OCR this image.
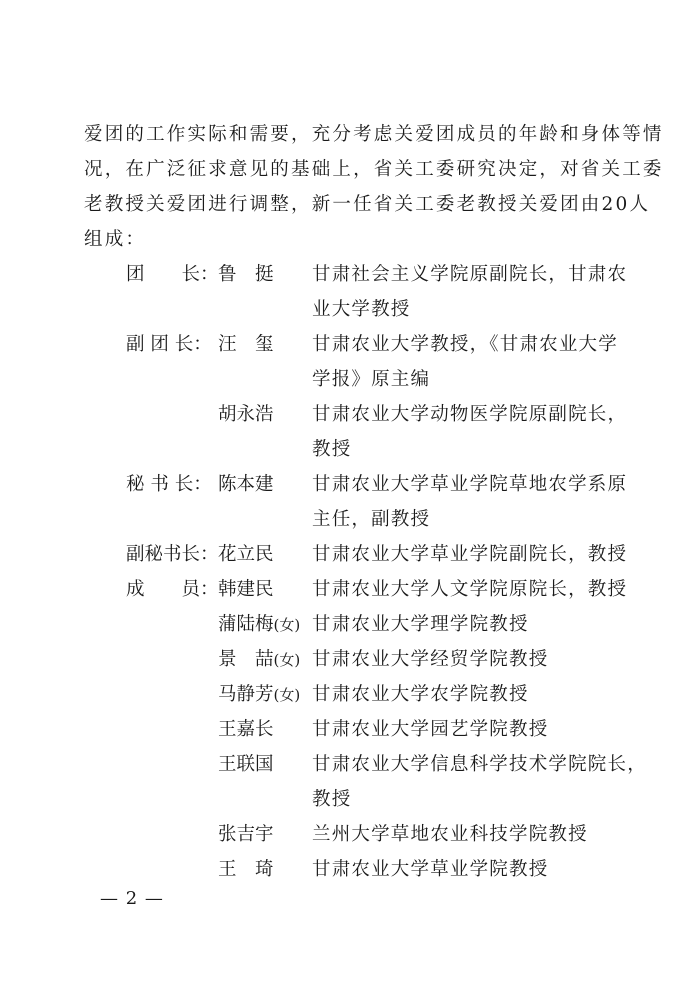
爱团的工作实际和需要，充分考虑关爱团成员的年龄和身体等情
况，在广泛征求意见的基础上，省关工委研究决定，对省关工委
老教授关爱团进行调整，新一任省关工委老教授关爱团由20人
组成：
团　　长： 鲁　挺 甘肃社会主义学院原副院长，甘肃农
业大学教授
副 团 长： 汪　玺 甘肃农业大学教授，《甘肃农业大学
学报》原主编
胡永浩 甘肃农业大学动物医学院原副院长，
教授
秘 书 长： 陈本建 甘肃农业大学草业学院草地农学系原
主任，副教授
副秘书长： 花立民 甘肃农业大学草业学院副院长，教授
成　　员： 韩建民 甘肃农业大学人文学院原院长，教授
蒲陆梅(女) 甘肃农业大学理学院教授
景　喆(女) 甘肃农业大学经贸学院教授
马静芳(女) 甘肃农业大学农学院教授
王嘉长 甘肃农业大学园艺学院教授
王联国 甘肃农业大学信息科学技术学院院长，
教授
张吉宇 兰州大学草地农业科技学院教授
王　琦 甘肃农业大学草业学院教授
— 2 —
